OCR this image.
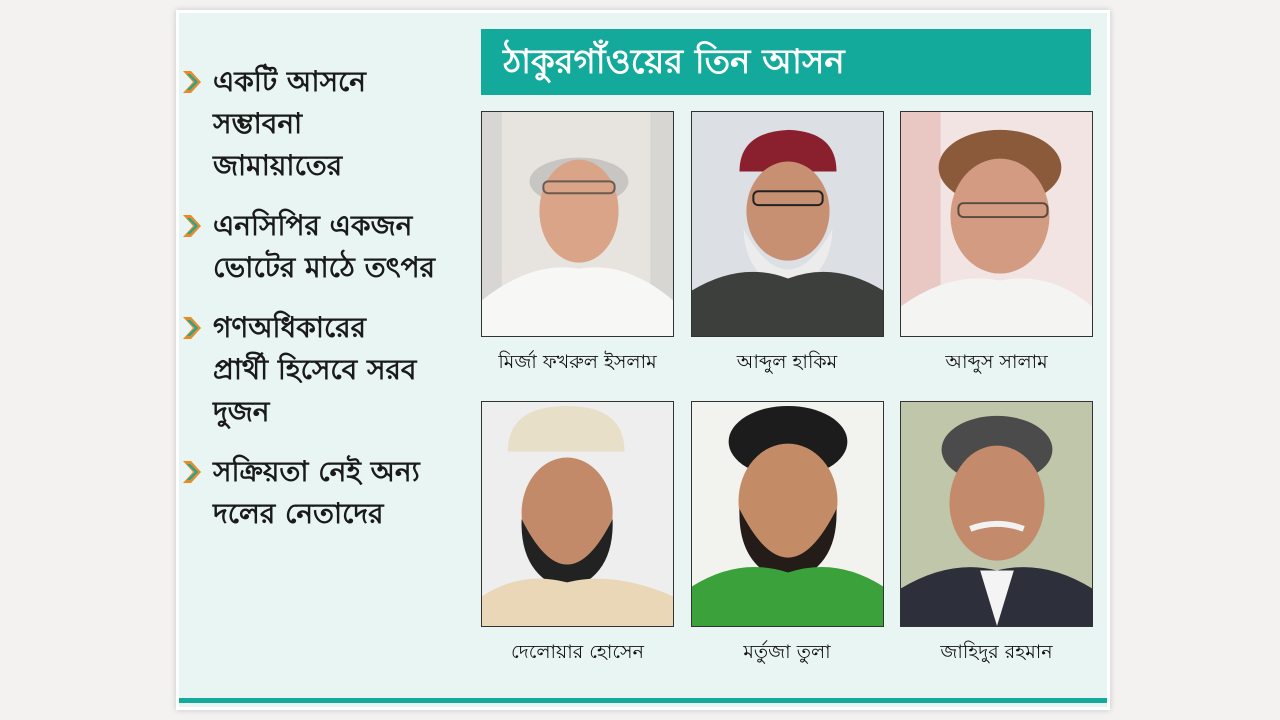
একটি আসনে সম্ভাবনা জামায়াতের
এনসিপির একজন ভোটের মাঠে তৎপর
গণঅধিকারের প্রার্থী হিসেবে সরব দুজন
সক্রিয়তা নেই অন্য দলের নেতাদের
ঠাকুরগাঁওয়ের তিন আসন
মির্জা ফখরুল ইসলাম	আব্দুল হাকিম	আব্দুস সালাম
দেলোয়ার হোসেন	মর্তুজা তুলা	জাহিদুর রহমান
